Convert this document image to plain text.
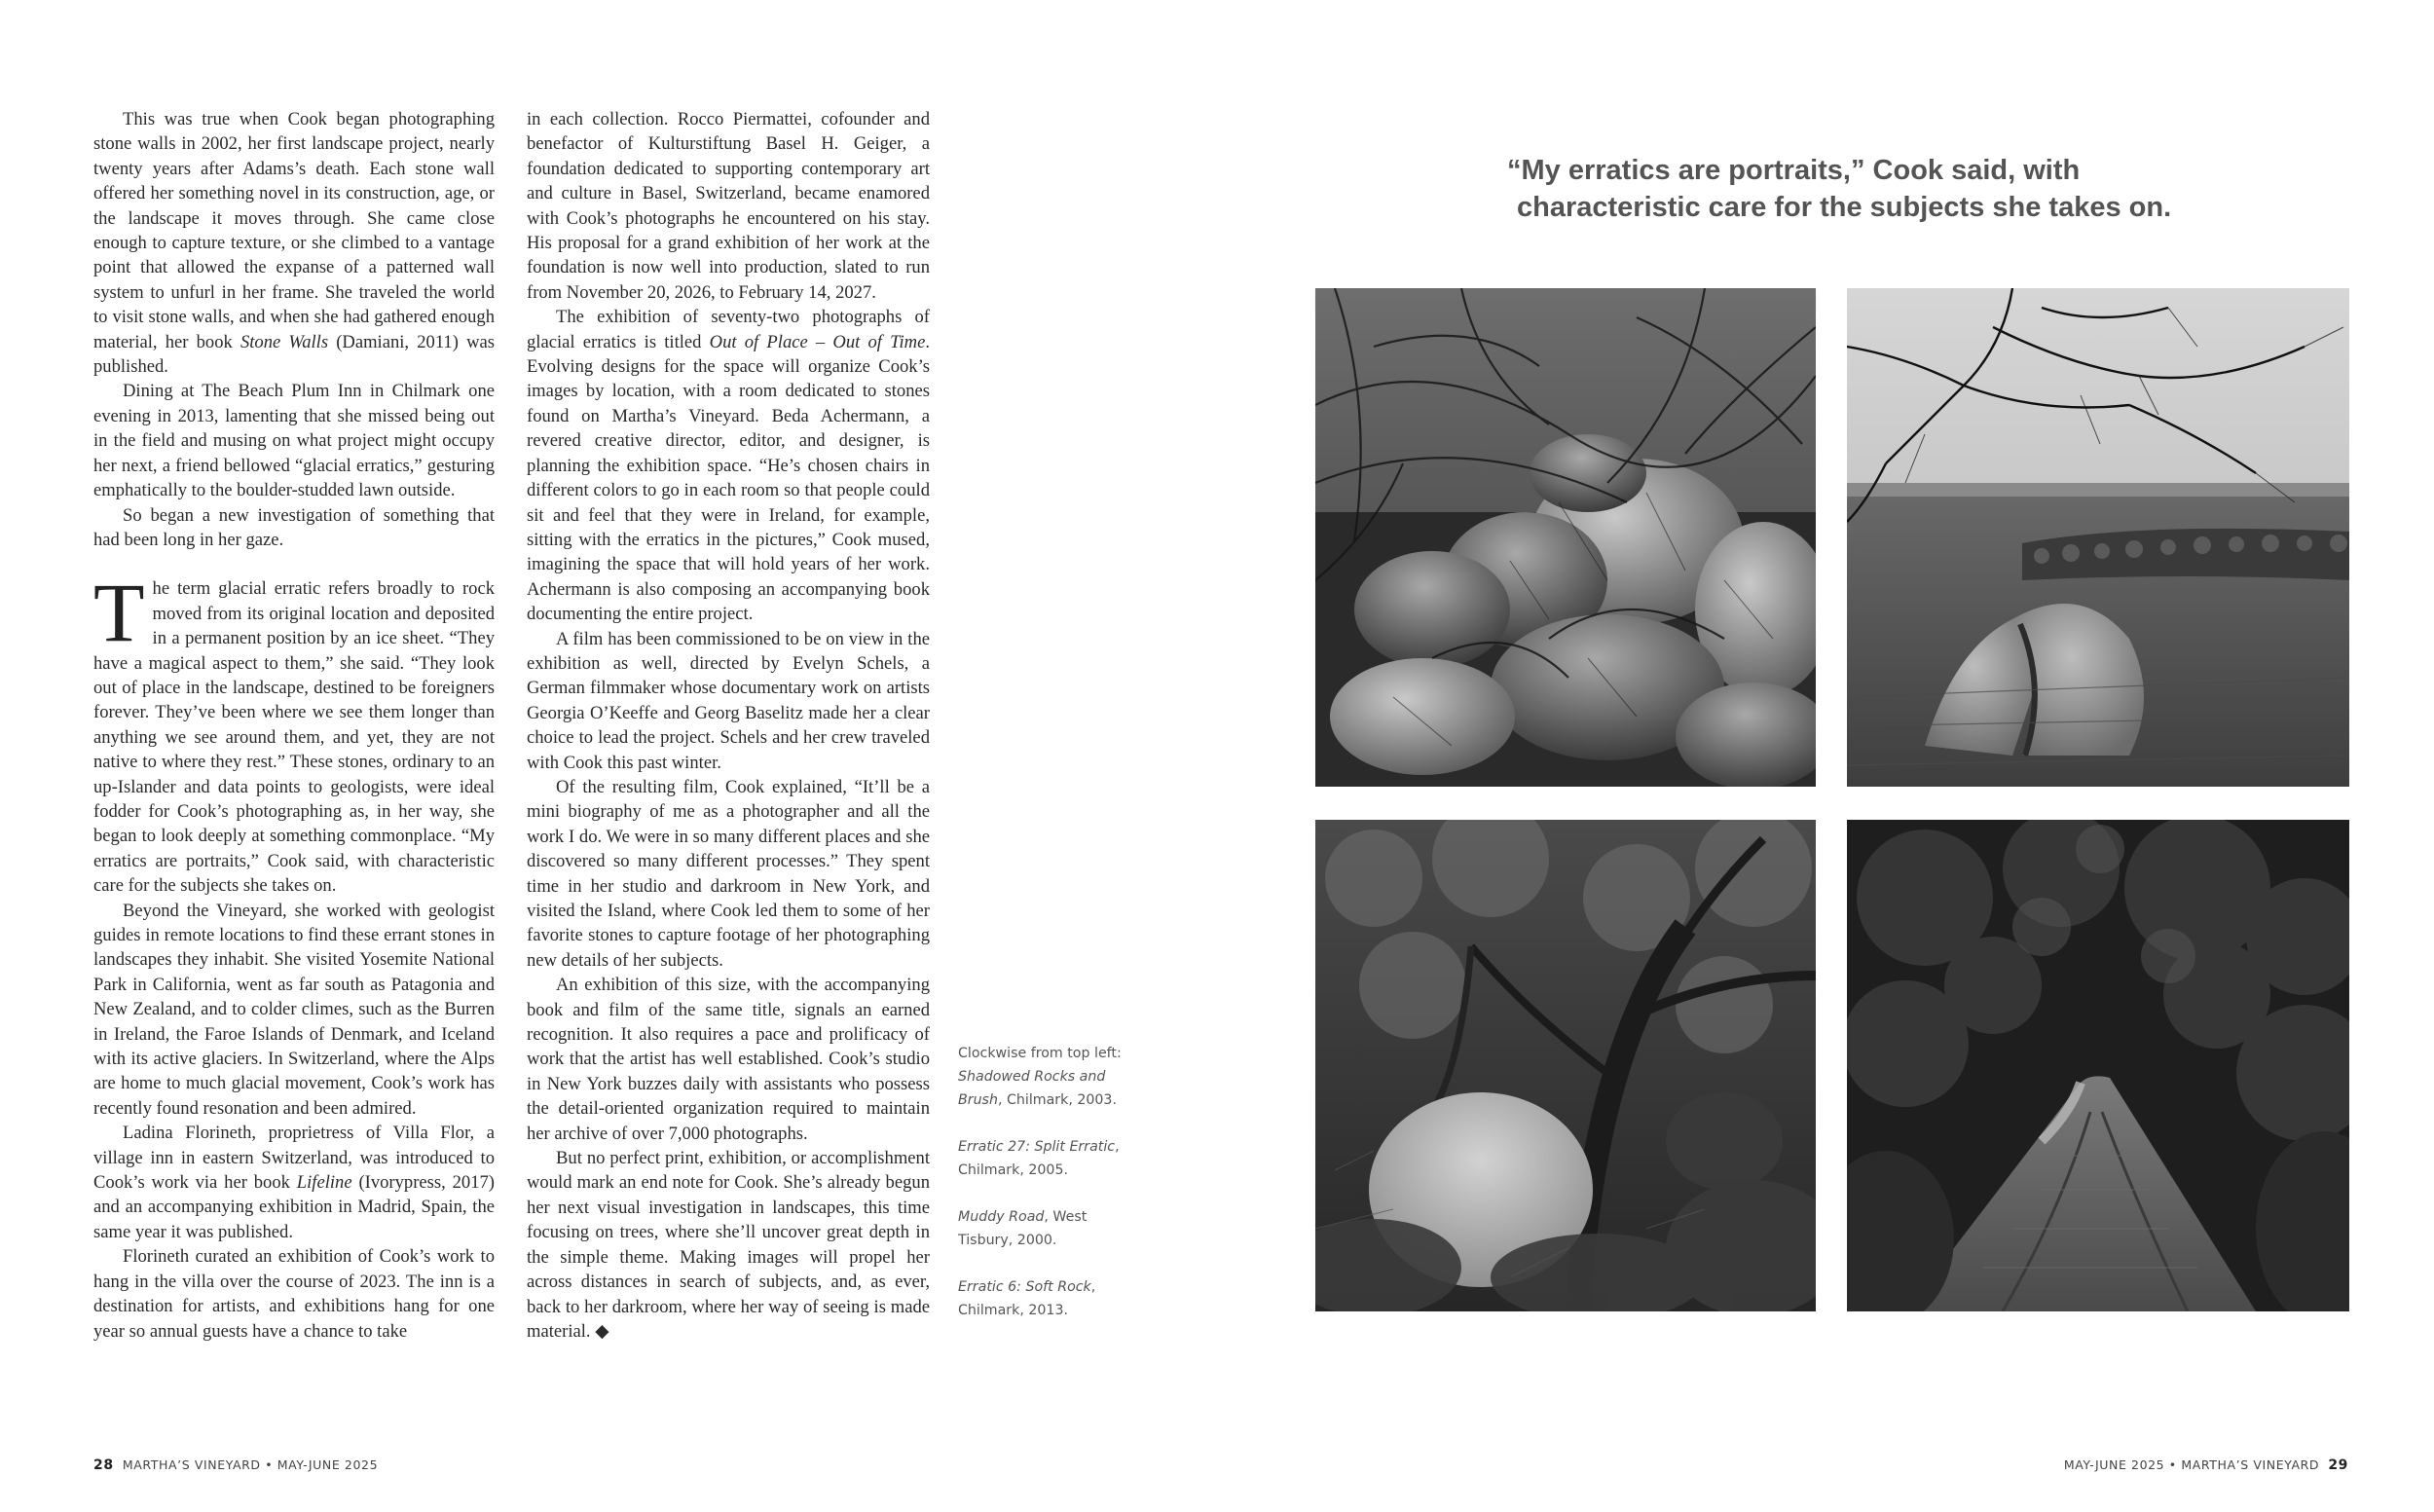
This was true when Cook began photographing stone walls in 2002, her first landscape project, nearly twenty years after Adams’s death. Each stone wall offered her something novel in its construction, age, or the landscape it moves through. She came close enough to capture texture, or she climbed to a vantage point that allowed the expanse of a patterned wall system to unfurl in her frame. She traveled the world to visit stone walls, and when she had gathered enough material, her book Stone Walls (Damiani, 2011) was published.

Dining at The Beach Plum Inn in Chilmark one evening in 2013, lamenting that she missed being out in the field and musing on what project might occupy her next, a friend bellowed “glacial erratics,” gesturing emphatically to the boulder-studded lawn outside.

So began a new investigation of something that had been long in her gaze.

The term glacial erratic refers broadly to rock moved from its original location and deposited in a permanent position by an ice sheet. “They have a magical aspect to them,” she said. “They look out of place in the landscape, destined to be foreigners forever. They’ve been where we see them longer than anything we see around them, and yet, they are not native to where they rest.” These stones, ordinary to an up-Islander and data points to geologists, were ideal fodder for Cook’s photographing as, in her way, she began to look deeply at something commonplace. “My erratics are portraits,” Cook said, with characteristic care for the subjects she takes on.

Beyond the Vineyard, she worked with geologist guides in remote locations to find these errant stones in landscapes they inhabit. She visited Yosemite National Park in California, went as far south as Patagonia and New Zealand, and to colder climes, such as the Burren in Ireland, the Faroe Islands of Denmark, and Iceland with its active glaciers. In Switzerland, where the Alps are home to much glacial movement, Cook’s work has recently found resonation and been admired.

Ladina Florineth, proprietress of Villa Flor, a village inn in eastern Switzerland, was introduced to Cook’s work via her book Lifeline (Ivorypress, 2017) and an accompanying exhibition in Madrid, Spain, the same year it was published.

Florineth curated an exhibition of Cook’s work to hang in the villa over the course of 2023. The inn is a destination for artists, and exhibitions hang for one year so annual guests have a chance to take

in each collection. Rocco Piermattei, cofounder and benefactor of Kulturstiftung Basel H. Geiger, a foundation dedicated to supporting contemporary art and culture in Basel, Switzerland, became enamored with Cook’s photographs he encountered on his stay. His proposal for a grand exhibition of her work at the foundation is now well into production, slated to run from November 20, 2026, to February 14, 2027.

The exhibition of seventy-two photographs of glacial erratics is titled Out of Place – Out of Time. Evolving designs for the space will organize Cook’s images by location, with a room dedicated to stones found on Martha’s Vineyard. Beda Achermann, a revered creative director, editor, and designer, is planning the exhibition space. “He’s chosen chairs in different colors to go in each room so that people could sit and feel that they were in Ireland, for example, sitting with the erratics in the pictures,” Cook mused, imagining the space that will hold years of her work. Achermann is also composing an accompanying book documenting the entire project.

A film has been commissioned to be on view in the exhibition as well, directed by Evelyn Schels, a German filmmaker whose documentary work on artists Georgia O’Keeffe and Georg Baselitz made her a clear choice to lead the project. Schels and her crew traveled with Cook this past winter.

Of the resulting film, Cook explained, “It’ll be a mini biography of me as a photographer and all the work I do. We were in so many different places and she discovered so many different processes.” They spent time in her studio and darkroom in New York, and visited the Island, where Cook led them to some of her favorite stones to capture footage of her photographing new details of her subjects.

An exhibition of this size, with the accompanying book and film of the same title, signals an earned recognition. It also requires a pace and prolificacy of work that the artist has well established. Cook’s studio in New York buzzes daily with assistants who possess the detail-oriented organization required to maintain her archive of over 7,000 photographs.

But no perfect print, exhibition, or accomplishment would mark an end note for Cook. She’s already begun her next visual investigation in landscapes, this time focusing on trees, where she’ll uncover great depth in the simple theme. Making images will propel her across distances in search of subjects, and, as ever, back to her darkroom, where her way of seeing is made material. ◆

Clockwise from top left:
Shadowed Rocks and Brush, Chilmark, 2003.
Erratic 27: Split Erratic, Chilmark, 2005.
Muddy Road, West Tisbury, 2000.
Erratic 6: Soft Rock, Chilmark, 2013.
“My erratics are portraits,” Cook said, with
characteristic care for the subjects she takes on.
28 MARTHA’S VINEYARD • MAY-JUNE 2025	MAY-JUNE 2025 • MARTHA’S VINEYARD 29
